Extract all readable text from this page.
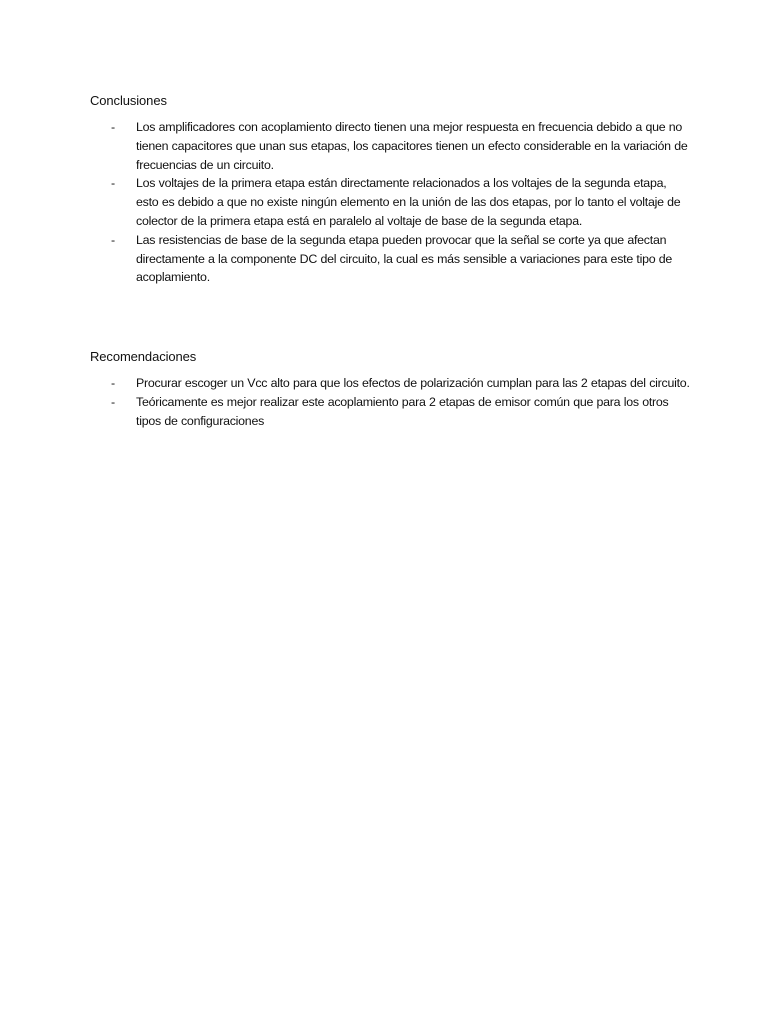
Conclusiones
- Los amplificadores con acoplamiento directo tienen una mejor respuesta en frecuencia debido a que no tienen capacitores que unan sus etapas, los capacitores tienen un efecto considerable en la variación de frecuencias de un circuito.
- Los voltajes de la primera etapa están directamente relacionados a los voltajes de la segunda etapa, esto es debido a que no existe ningún elemento en la unión de las dos etapas, por lo tanto el voltaje de colector de la primera etapa está en paralelo al voltaje de base de la segunda etapa.
- Las resistencias de base de la segunda etapa pueden provocar que la señal se corte ya que afectan directamente a la componente DC del circuito, la cual es más sensible a variaciones para este tipo de acoplamiento.
Recomendaciones
- Procurar escoger un Vcc alto para que los efectos de polarización cumplan para las 2 etapas del circuito.
- Teóricamente es mejor realizar este acoplamiento para 2 etapas de emisor común que para los otros tipos de configuraciones
